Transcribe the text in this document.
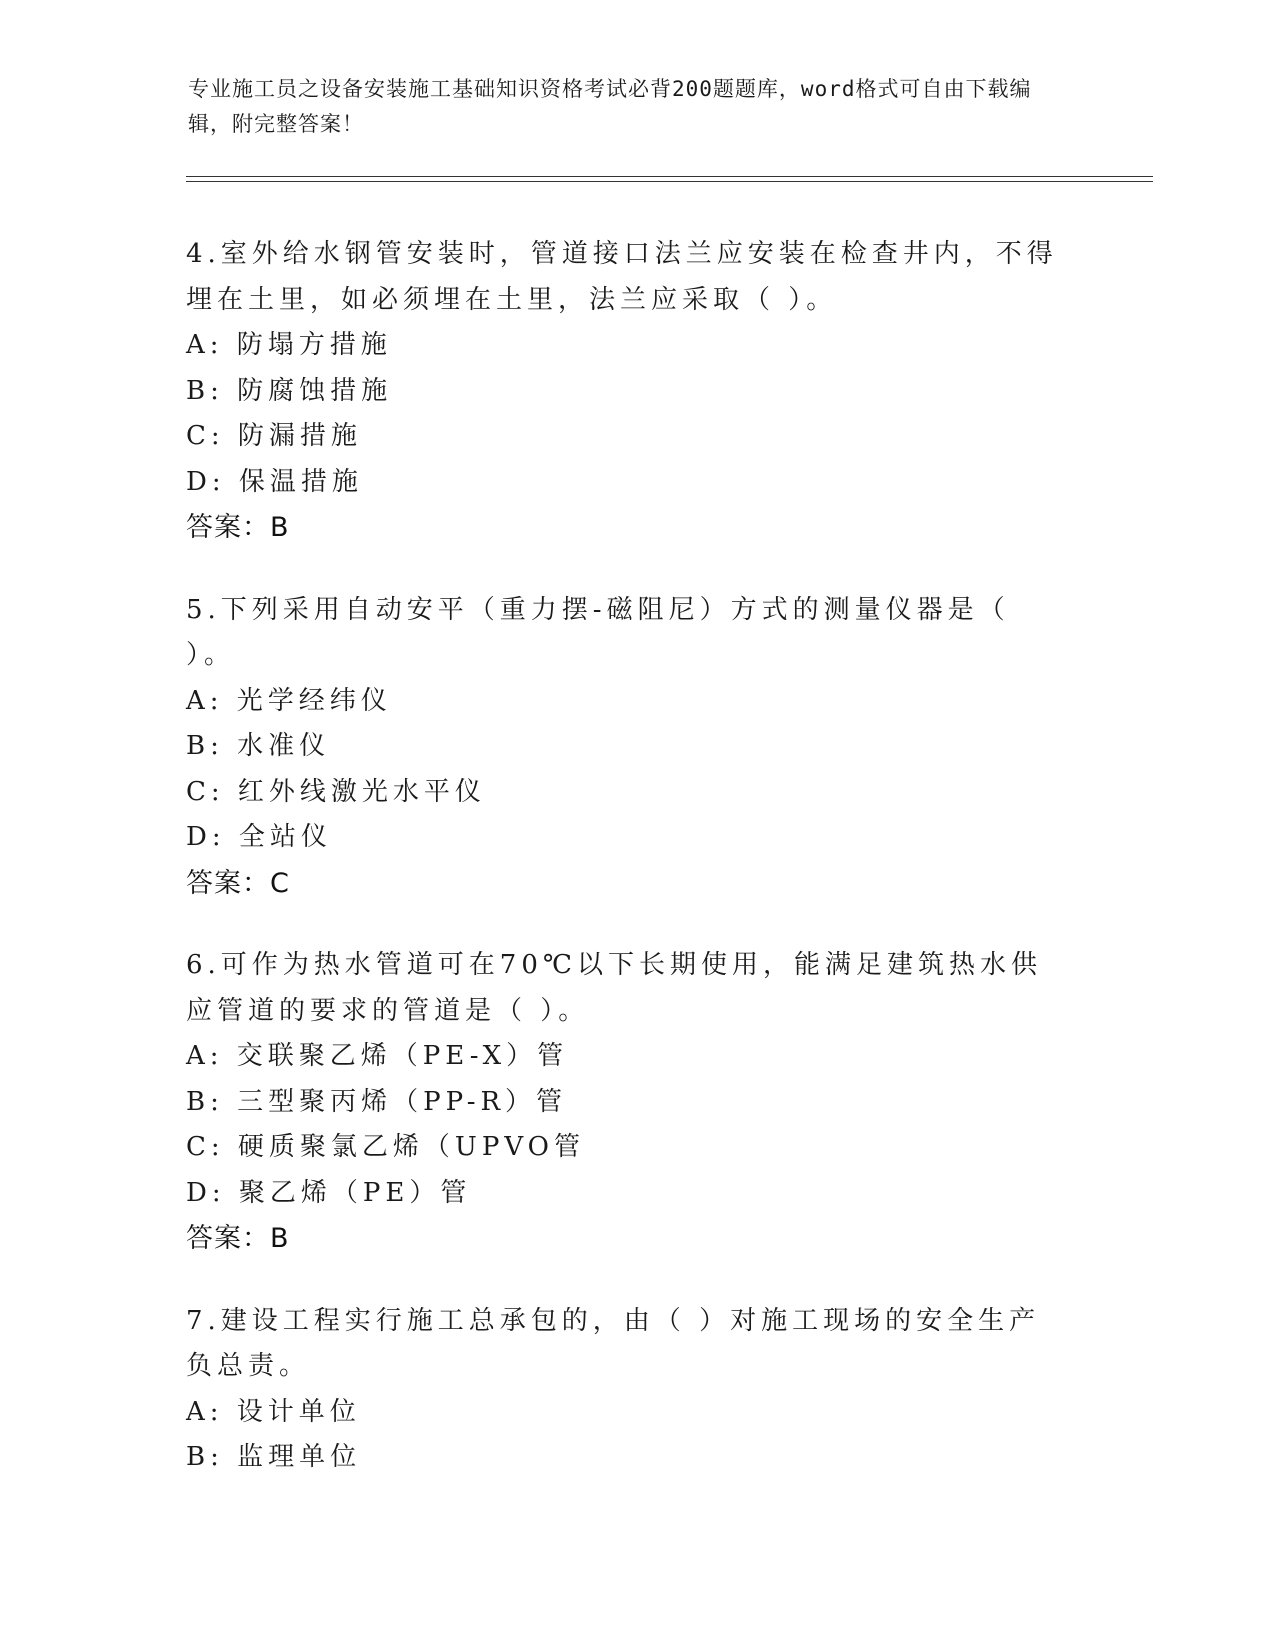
专业施工员之设备安装施工基础知识资格考试必背200题题库，word格式可自由下载编辑，附完整答案！

4.室外给水钢管安装时，管道接口法兰应安装在检查井内，不得埋在土里，如必须埋在土里，法兰应采取（ ）。

A: 防塌方措施

B: 防腐蚀措施

C: 防漏措施

D: 保温措施

答案：B

5.下列采用自动安平（重力摆-磁阻尼）方式的测量仪器是（ ）。

A: 光学经纬仪

B: 水准仪

C: 红外线激光水平仪

D: 全站仪

答案：C

6.可作为热水管道可在70℃以下长期使用，能满足建筑热水供应管道的要求的管道是（ ）。

A: 交联聚乙烯（PE-X）管

B: 三型聚丙烯（PP-R）管

C: 硬质聚氯乙烯（UPVO管

D: 聚乙烯（PE）管

答案：B

7.建设工程实行施工总承包的，由（ ）对施工现场的安全生产负总责。

A: 设计单位

B: 监理单位
